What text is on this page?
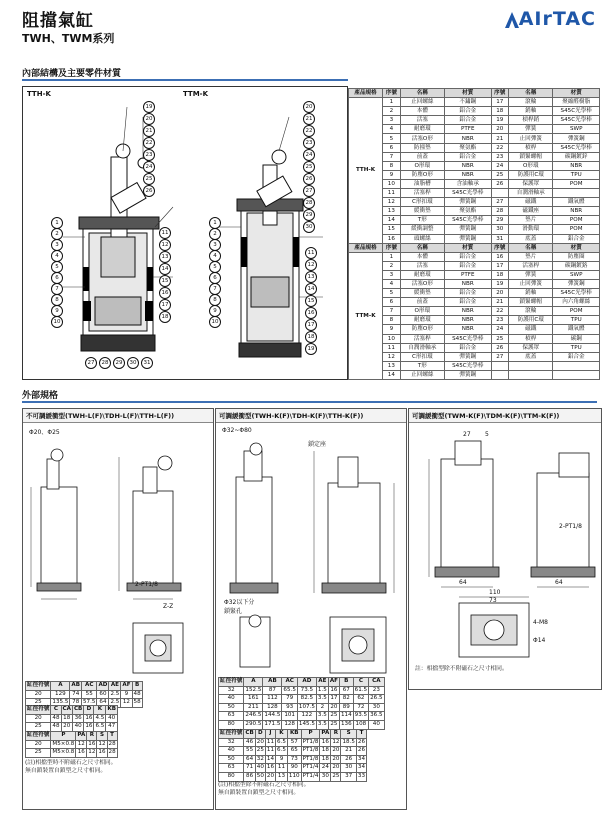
阻擋氣缸
TWH、TWM系列
AIrTAC
內部結構及主要零件材質
TTH-K	TTM-K
19
20
21
22
23
24
25
26
1
2
3
4
5
6
7
8
9
10
11
12
13
14
15
16
17
18
27	28	29	30	31
20
21
22
23
24
25
26
27
28
29
30
1
2
3
4
5
6
7
8
9
10
11
12
13
14
15
16
17
18
19
產品規格	序號	名稱	材質	序號	名稱	材質
TTH-K	1	止回螺絲	不鏽鋼	17	滾輪	聚縮醛樹脂
	2	本體	鋁合金	18	銷軸	S45C光學棒
	3	活塞	鋁合金	19	槓桿銷	S45C光學棒
	4	耐磨環	PTFE	20	彈簧	SWP
	5	活塞O形	NBR	21	止回彈簧	彈簧鋼
	6	防撞墊	聚氨酯	22	槓桿	S45C光學棒
	7	前蓋	鋁合金	23	鎖緊螺帽	碳鋼鍍鋅
	8	O形環	NBR	24	O形環	NBR
	9	防塵O形	NBR	25	防護用C環	TPU
	10	油脂槽	含油軸承	26	保護罩	POM
	11	活塞桿	S45C光學棒		自潤滑軸承	
	12	C形扣環	彈簧鋼	27	磁鐵	鐵氧體
	13	緩衝墊	聚氨酯	28	磁鐵座	NBR
	14	T形	S45C光學棒	29	墊片	POM
	15	緩衝調整	彈簧鋼	30	滑動環	POM
	16	頭螺絲	彈簧鋼	31	底蓋	鋁合金
產品規格	序號	名稱	材質	序號	名稱	材質
TTM-K	1	本體	鋁合金	16	墊片	防塵圈
	2	活塞	鋁合金	17	活塞桿	碳鋼鍍鉻
	3	耐磨環	PTFE	18	彈簧	SWP
	4	活塞O形	NBR	19	止回彈簧	彈簧鋼
	5	緩衝墊	鋁合金	20	銷軸	S45C光學棒
	6	前蓋	鋁合金	21	鎖緊螺帽	內六角螺絲
	7	O形環	NBR	22	滾輪	POM
	8	耐磨環	NBR	23	防護用C環	TPU
	9	防塵O形	NBR	24	磁鐵	鐵氧體
	10	活塞桿	S45C光學棒	25	槓桿	碳鋼
	11	自潤滑軸承	鋁合金	26	保護罩	TPU
	12	C形扣環	彈簧鋼	27	底蓋	鋁合金
	13	T形	S45C光學棒			
	14	止回螺絲	彈簧鋼			
外部規格
不可調緩衝型(TWH-L(F)\TDH-L(F)\TTH-L(F))
Φ20、Φ25
2-PT1/8
Z-Z
缸徑符號	A	AB	AC	AD	AE	AF	B
20	129	74	55	60	2.5	9	48
25	135.5	78	57.5	64	2.5	12	58
缸徑符號	C	CA	CB	D	K	KB
20	48	18	36	16	4.5	40
25	48	20	40	16	6.5	47
缸徑符號	P	PA	R	S	T
20	M5×0.8	12	16	12	28
25	M5×0.8	16	12	16	28
(註)相擋型時不附磁石之尺寸相同。
無自鎖裝置自鎖型之尺寸相同。
可調緩衝型(TWH-K(F)\TDH-K(F)\TTH-K(F))
Φ32~Φ80
鎖定座
Φ32以下分
鎖緊孔
缸徑符號	A	AB	AC	AD	AE	AF	B	C	CA
32	152.5	87	65.5	73.5	1.5	16	67	61.5	23
40	161	112	79	82.5	3.5	17	82	62	26.5
50	211	128	93	107.5	2	20	89	72	30
63	246.5	144.5	101	122	3.5	25	114	93.5	36.5
80	290.5	171.5	128	145.5	3.5	25	136	108	40
缸徑符號	CB	D	J	K	KB	P	PA	R	S	T
32	46	20	11	6.5	57	PT1/8	16	12	18.5	26
40	55	25	11	6.5	65	PT1/8	18	20	21	26
50	64	32	14	9	73	PT1/8	18	20	26	34
63	71	40	16	11	90	PT1/4	24	20	30	34
80	86	50	20	13	110	PT1/4	30	25	37	33
(註)相擋型除不附磁石之尺寸相同。
無自鎖裝置自鎖型之尺寸相同。
可調緩衝型(TWM-K(F)\TDM-K(F)\TTM-K(F))
27 5
2-PT1/8
64	64
110
73
4-M8
Φ14
註：相擋型除不附磁石之尺寸相同。
